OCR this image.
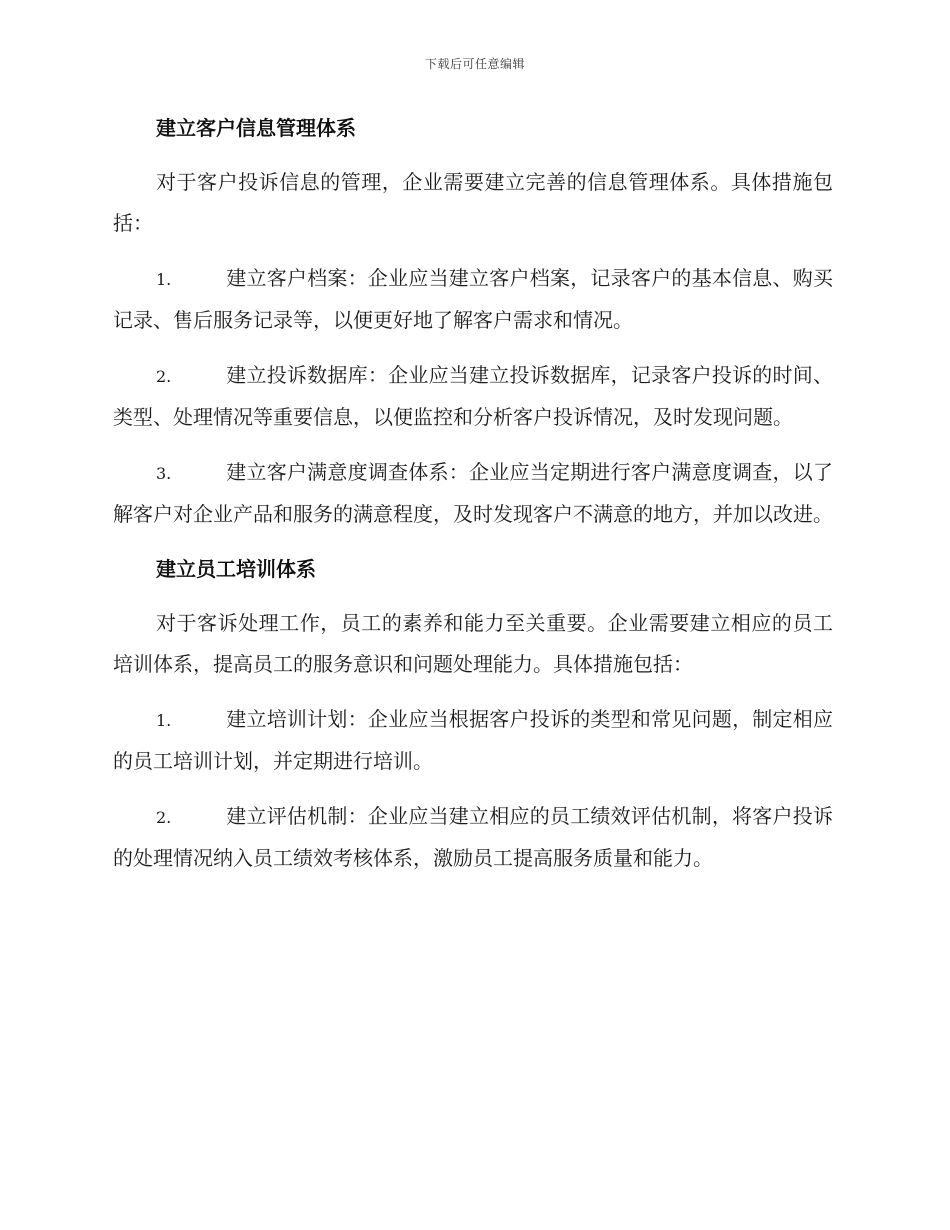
下载后可任意编辑
建立客户信息管理体系

对于客户投诉信息的管理，企业需要建立完善的信息管理体系。具体措施包括：

1.	建立客户档案：企业应当建立客户档案，记录客户的基本信息、购买记录、售后服务记录等，以便更好地了解客户需求和情况。

2.	建立投诉数据库：企业应当建立投诉数据库，记录客户投诉的时间、类型、处理情况等重要信息，以便监控和分析客户投诉情况，及时发现问题。

3.	建立客户满意度调查体系：企业应当定期进行客户满意度调查，以了解客户对企业产品和服务的满意程度，及时发现客户不满意的地方，并加以改进。

建立员工培训体系

对于客诉处理工作，员工的素养和能力至关重要。企业需要建立相应的员工培训体系，提高员工的服务意识和问题处理能力。具体措施包括：

1.	建立培训计划：企业应当根据客户投诉的类型和常见问题，制定相应的员工培训计划，并定期进行培训。

2.	建立评估机制：企业应当建立相应的员工绩效评估机制，将客户投诉的处理情况纳入员工绩效考核体系，激励员工提高服务质量和能力。
